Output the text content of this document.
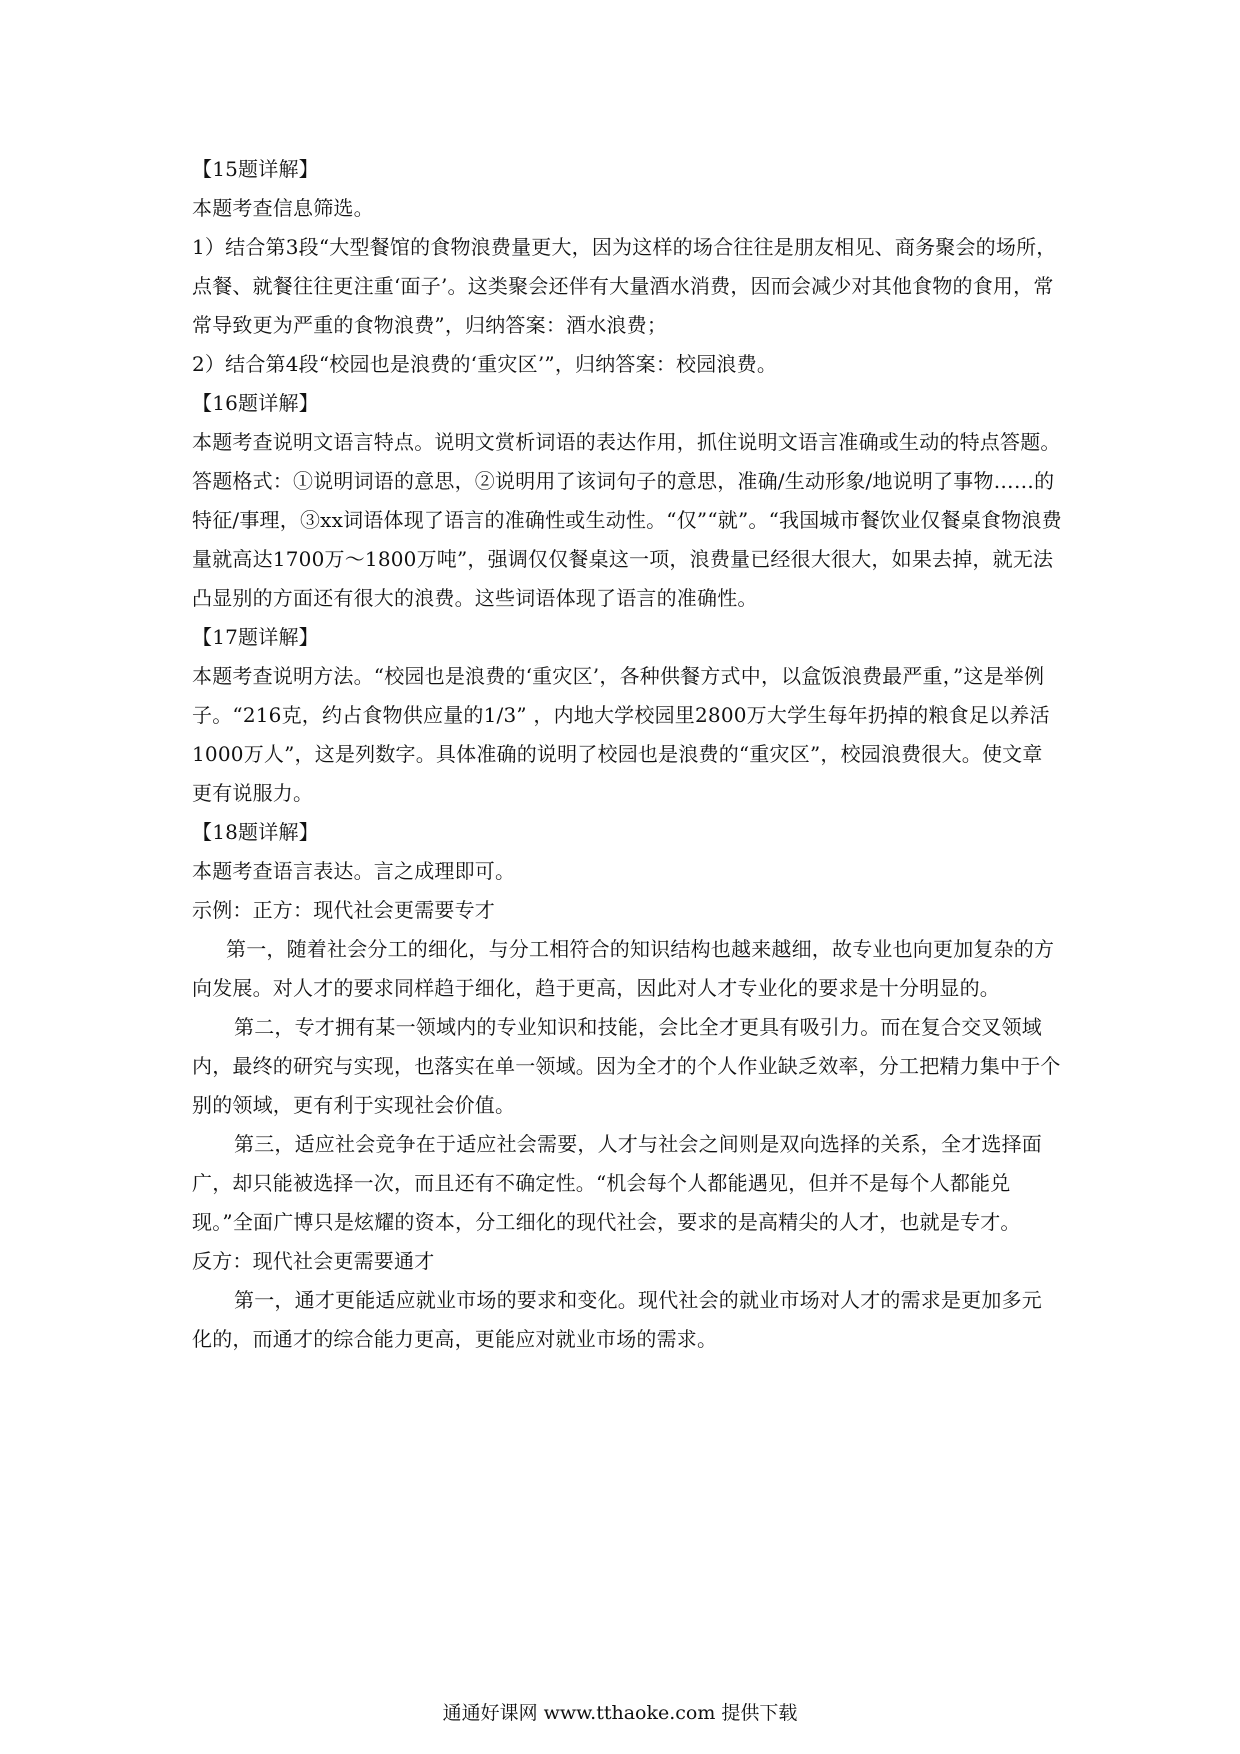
【15题详解】

本题考查信息筛选。

1）结合第3段“大型餐馆的食物浪费量更大，因为这样的场合往往是朋友相见、商务聚会的场所，点餐、就餐往往更注重‘面子’。这类聚会还伴有大量酒水消费，因而会减少对其他食物的食用，常常导致更为严重的食物浪费”，归纳答案：酒水浪费；

2）结合第4段“校园也是浪费的‘重灾区’”，归纳答案：校园浪费。

【16题详解】

本题考查说明文语言特点。说明文赏析词语的表达作用，抓住说明文语言准确或生动的特点答题。答题格式：①说明词语的意思，②说明用了该词句子的意思，准确/生动形象/地说明了事物……的特征/事理，③xx词语体现了语言的准确性或生动性。“仅”“就”。“我国城市餐饮业仅餐桌食物浪费量就高达1700万～1800万吨”，强调仅仅餐桌这一项，浪费量已经很大很大，如果去掉，就无法凸显别的方面还有很大的浪费。这些词语体现了语言的准确性。

【17题详解】

本题考查说明方法。“校园也是浪费的‘重灾区’，各种供餐方式中，以盒饭浪费最严重，”这是举例子。“216克，约占食物供应量的1/3” ，内地大学校园里2800万大学生每年扔掉的粮食足以养活1000万人”，这是列数字。具体准确的说明了校园也是浪费的“重灾区”，校园浪费很大。使文章更有说服力。

【18题详解】

本题考查语言表达。言之成理即可。

示例：正方：现代社会更需要专才

第一，随着社会分工的细化，与分工相符合的知识结构也越来越细，故专业也向更加复杂的方向发展。对人才的要求同样趋于细化，趋于更高，因此对人才专业化的要求是十分明显的。

第二，专才拥有某一领域内的专业知识和技能，会比全才更具有吸引力。而在复合交叉领域内，最终的研究与实现，也落实在单一领域。因为全才的个人作业缺乏效率，分工把精力集中于个别的领域，更有利于实现社会价值。

第三，适应社会竞争在于适应社会需要，人才与社会之间则是双向选择的关系，全才选择面广，却只能被选择一次，而且还有不确定性。“机会每个人都能遇见，但并不是每个人都能兑现。”全面广博只是炫耀的资本，分工细化的现代社会，要求的是高精尖的人才，也就是专才。

反方：现代社会更需要通才

第一，通才更能适应就业市场的要求和变化。现代社会的就业市场对人才的需求是更加多元化的，而通才的综合能力更高，更能应对就业市场的需求。

通通好课网 www.tthaoke.com 提供下载
